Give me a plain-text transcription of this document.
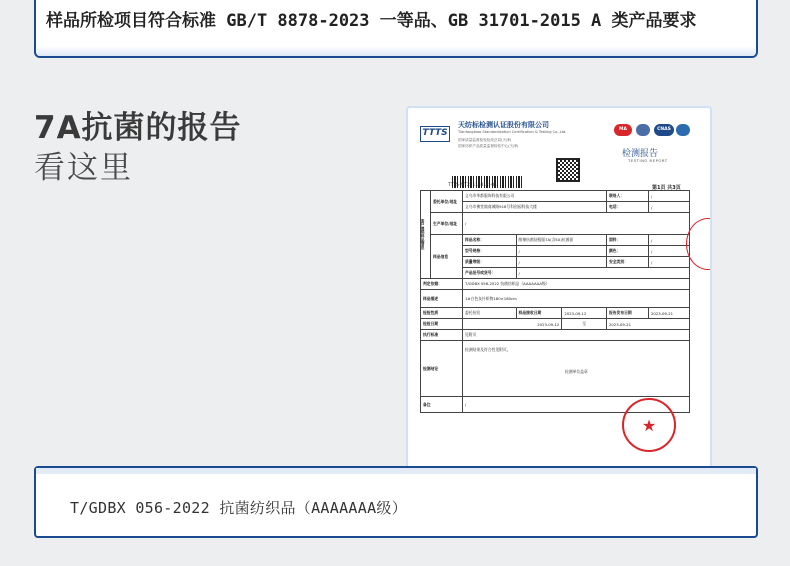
样品所检项目符合标准 GB/T 8878-2023 一等品、GB 31701-2015 A 类产品要求
7A抗菌的报告
看这里
TTTS
天纺标检测认证股份有限公司
Tianfangbiao Standardization Certification & Testing Co.,Ltd.
国家质量监督检验检疫总局(天津)
国家纺织产品质量监督检验中心(天津)
MA	CNAS
检测报告
TESTING REPORT
TTTS-WT23110312-01	第1页 共3页
客户提供样品信息	委托单位/地址	义乌市华都服饰科技有限公司			联络人：	/
		义乌市佛堂镇商城路918号科创园科技大楼			电话：	/
	生产单位/地址	/				
	样品信息	样品名称：	醇棉抗菌舒服服7A(含EA)抗菌面		面料：	/
		型号规格：	/		颜色：	/
		质量等级：	/		安全类别：	/
		产品批号或货号：	/			
判定依据：		T/GDBX 056-2022 抗菌纺织品（AAAAAAA级）				
样品描述		1#白色灰针织物180×180cm				
检验性质		委托检验	样品接收日期	2023-09-12	报告发布日期	2023-09-21
检验日期		2023-09-12		至	2023-09-21	
执行标准		见附页				
检测结论		检测结果及符合性见附页。
检测单位盖章				

备注		/				
★
T/GDBX 056-2022 抗菌纺织品（AAAAAAA级）
